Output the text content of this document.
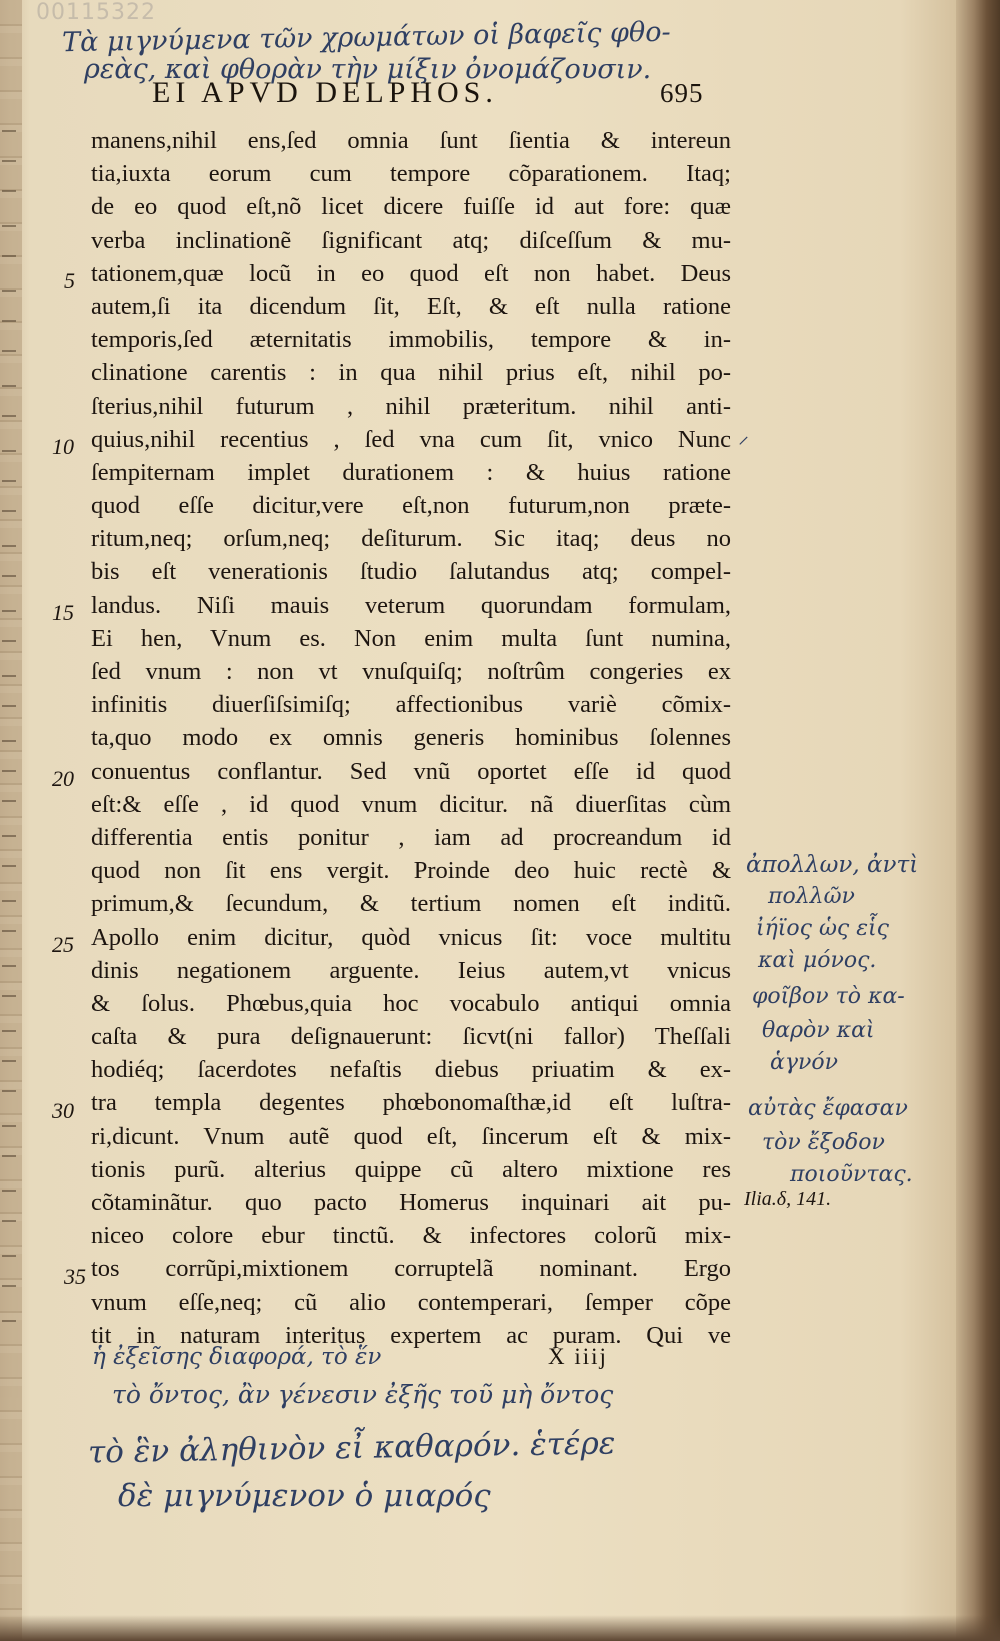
00115322
Τὰ μιγνύμενα τῶν χρωμάτων οἱ βαφεῖς φθο-
ρεὰς, καὶ φθορὰν τὴν μίξιν ὀνομάζουσιν.
EI APVD DELPHOS.	695
5
10
15
20
25
30
35
manens,nihil ens,ſed omnia ſunt ſientia & intereun
tia,iuxta eorum cum tempore cõparationem. Itaq;
de eo quod eſt,nõ licet dicere fuiſſe id aut fore: quæ
verba inclinationẽ ſignificant atq; diſceſſum & mu-
tationem,quæ locũ in eo quod eſt non habet. Deus
autem,ſi ita dicendum ſit, Eſt, & eſt nulla ratione
temporis,ſed æternitatis immobilis, tempore & in-
clinatione carentis : in qua nihil prius eſt, nihil po-
ſterius,nihil futurum , nihil præteritum. nihil anti-
quius,nihil recentius , ſed vna cum ſit, vnico Nunc
ſempiternam implet durationem : & huius ratione
quod eſſe dicitur,vere eſt,non futurum,non præte-
ritum,neq; orſum,neq; deſiturum. Sic itaq; deus no
bis eſt venerationis ſtudio ſalutandus atq; compel-
landus. Niſi mauis veterum quorundam formulam,
Ei hen, Vnum es. Non enim multa ſunt numina,
ſed vnum : non vt vnuſquiſq; noſtrûm congeries ex
infinitis diuerſiſsimiſq; affectionibus variè cõmix-
ta,quo modo ex omnis generis hominibus ſolennes
conuentus conflantur. Sed vnũ oportet eſſe id quod
eſt:& eſſe , id quod vnum dicitur. nã diuerſitas cùm
differentia entis ponitur , iam ad procreandum id
quod non ſit ens vergit. Proinde deo huic rectè &
primum,& ſecundum, & tertium nomen eſt inditũ.
Apollo enim dicitur, quòd vnicus ſit: voce multitu
dinis negationem arguente. Ieius autem,vt vnicus
& ſolus. Phœbus,quia hoc vocabulo antiqui omnia
caſta & pura deſignauerunt: ſicvt(ni fallor) Theſſali
hodiéq; ſacerdotes nefaſtis diebus priuatim & ex-
tra templa degentes phœbonomaſthæ,id eſt luſtra-
ri,dicunt. Vnum autẽ quod eſt, ſincerum eſt & mix-
tionis purũ. alterius quippe cũ altero mixtione res
cõtaminãtur. quo pacto Homerus inquinari ait pu-
niceo colore ebur tinctũ. & infectores colorũ mix-
tos corrũpi,mixtionem corruptelã nominant. Ergo
vnum eſſe,neq; cũ alio contemperari, ſemper cõpe
tit in naturam interitus expertem ac puram. Qui ve
⸝
ἀπολλων, ἀντὶ
πολλῶν
ἰήϊος ὡς εἷς
καὶ μόνος.
φοῖβον τὸ κα-
θαρὸν καὶ
ἁγνόν
αὐτὰς ἔφασαν
τὸν ἔξοδον
ποιοῦντας.
Ilia.δ, 141.
X iiij
ἡ ἐξεῖσης διαφορά, τὸ ἕν
τὸ ὄντος, ἂν γένεσιν ἐξῆς τοῦ μὴ ὄντος
τὸ ἓν ἀληθινὸν εἶ καθαρόν. ἑτέρε
δὲ μιγνύμενον ὁ μιαρός
